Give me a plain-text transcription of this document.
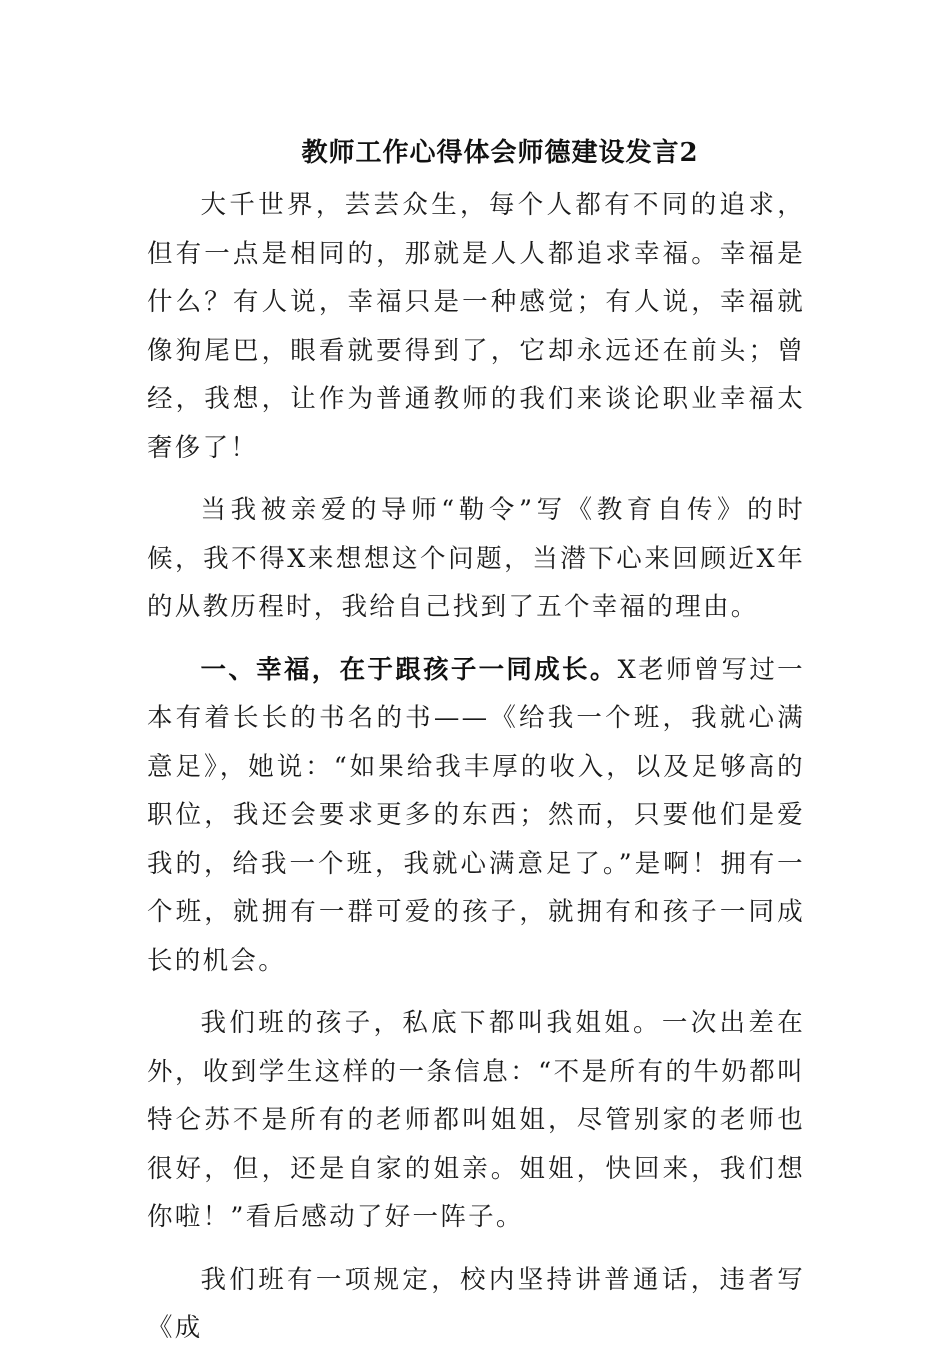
教师工作心得体会师德建设发言2

大千世界，芸芸众生，每个人都有不同的追求，但有一点是相同的，那就是人人都追求幸福。幸福是什么？有人说，幸福只是一种感觉；有人说，幸福就像狗尾巴，眼看就要得到了，它却永远还在前头；曾经，我想，让作为普通教师的我们来谈论职业幸福太奢侈了！

当我被亲爱的导师“勒令”写《教育自传》的时候，我不得X来想想这个问题，当潜下心来回顾近X年的从教历程时，我给自己找到了五个幸福的理由。

一、幸福，在于跟孩子一同成长。X老师曾写过一本有着长长的书名的书——《给我一个班，我就心满意足》，她说：“如果给我丰厚的收入，以及足够高的职位，我还会要求更多的东西；然而，只要他们是爱我的，给我一个班，我就心满意足了。”是啊！拥有一个班，就拥有一群可爱的孩子，就拥有和孩子一同成长的机会。

我们班的孩子，私底下都叫我姐姐。一次出差在外，收到学生这样的一条信息：“不是所有的牛奶都叫特仑苏不是所有的老师都叫姐姐，尽管别家的老师也很好，但，还是自家的姐亲。姐姐，快回来，我们想你啦！”看后感动了好一阵子。

我们班有一项规定，校内坚持讲普通话，违者写《成
